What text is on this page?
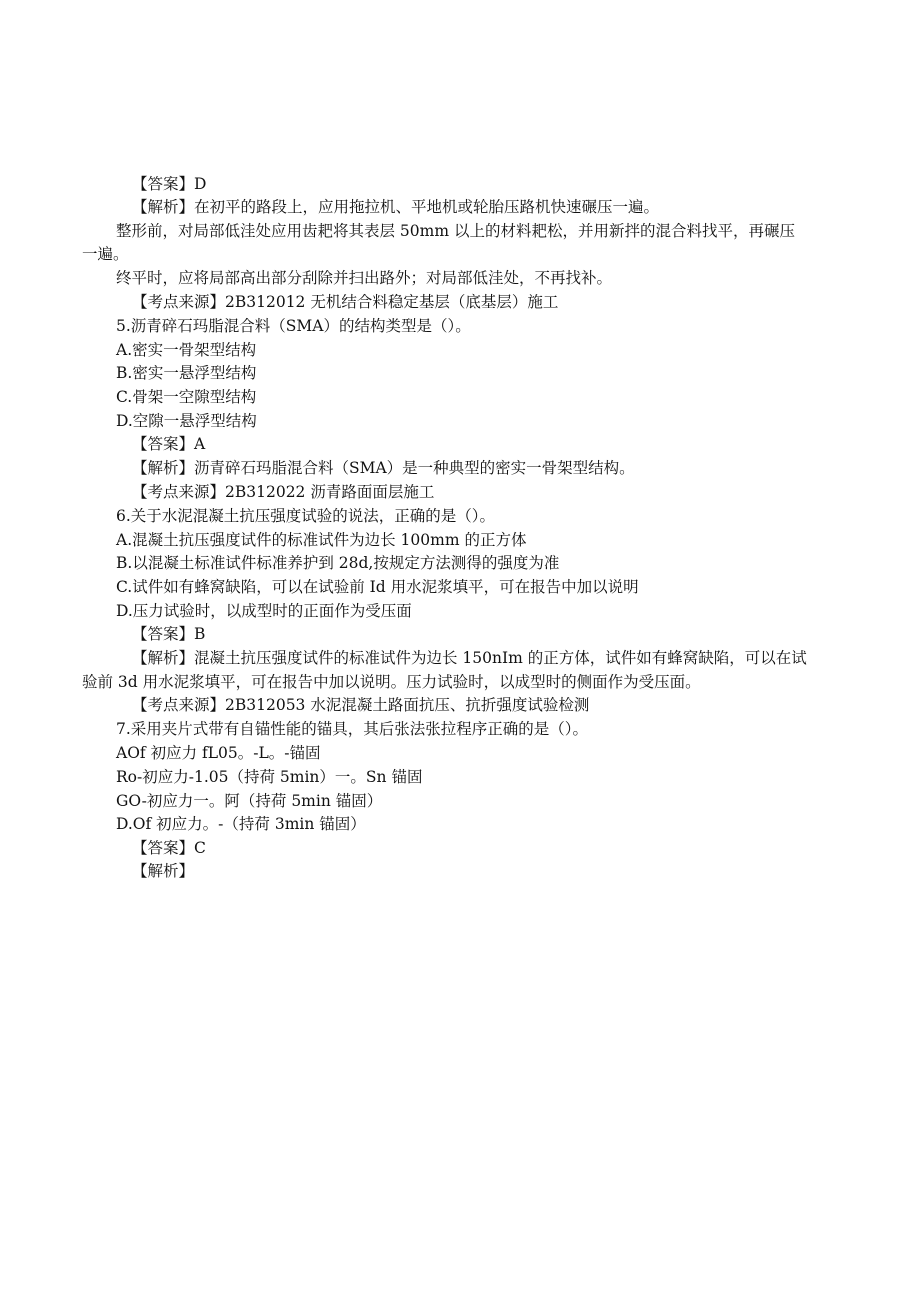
【答案】D
【解析】在初平的路段上，应用拖拉机、平地机或轮胎压路机快速碾压一遍。
整形前，对局部低洼处应用齿耙将其表层 50mm 以上的材料耙松，并用新拌的混合料找平，再碾压
一遍。
终平时，应将局部高出部分刮除并扫出路外；对局部低洼处，不再找补。
【考点来源】2B312012 无机结合料稳定基层（底基层）施工
5.沥青碎石玛脂混合料（SMA）的结构类型是（）。
A.密实一骨架型结构
B.密实一悬浮型结构
C.骨架一空隙型结构
D.空隙一悬浮型结构
【答案】A
【解析】沥青碎石玛脂混合料（SMA）是一种典型的密实一骨架型结构。
【考点来源】2B312022 沥青路面面层施工
6.关于水泥混凝土抗压强度试验的说法，正确的是（）。
A.混凝土抗压强度试件的标准试件为边长 100mm 的正方体
B.以混凝土标准试件标准养护到 28d,按规定方法测得的强度为准
C.试件如有蜂窝缺陷，可以在试验前 Id 用水泥浆填平，可在报告中加以说明
D.压力试验时，以成型时的正面作为受压面
【答案】B
【解析】混凝土抗压强度试件的标准试件为边长 150nIm 的正方体，试件如有蜂窝缺陷，可以在试
验前 3d 用水泥浆填平，可在报告中加以说明。压力试验时，以成型时的侧面作为受压面。
【考点来源】2B312053 水泥混凝土路面抗压、抗折强度试验检测
7.采用夹片式带有自锚性能的锚具，其后张法张拉程序正确的是（）。
AOf 初应力 fL05。-L。-锚固
Ro-初应力-1.05（持荷 5min）一。Sn 锚固
GO-初应力一。阿（持荷 5min 锚固）
D.Of 初应力。-（持荷 3min 锚固）
【答案】C
【解析】
